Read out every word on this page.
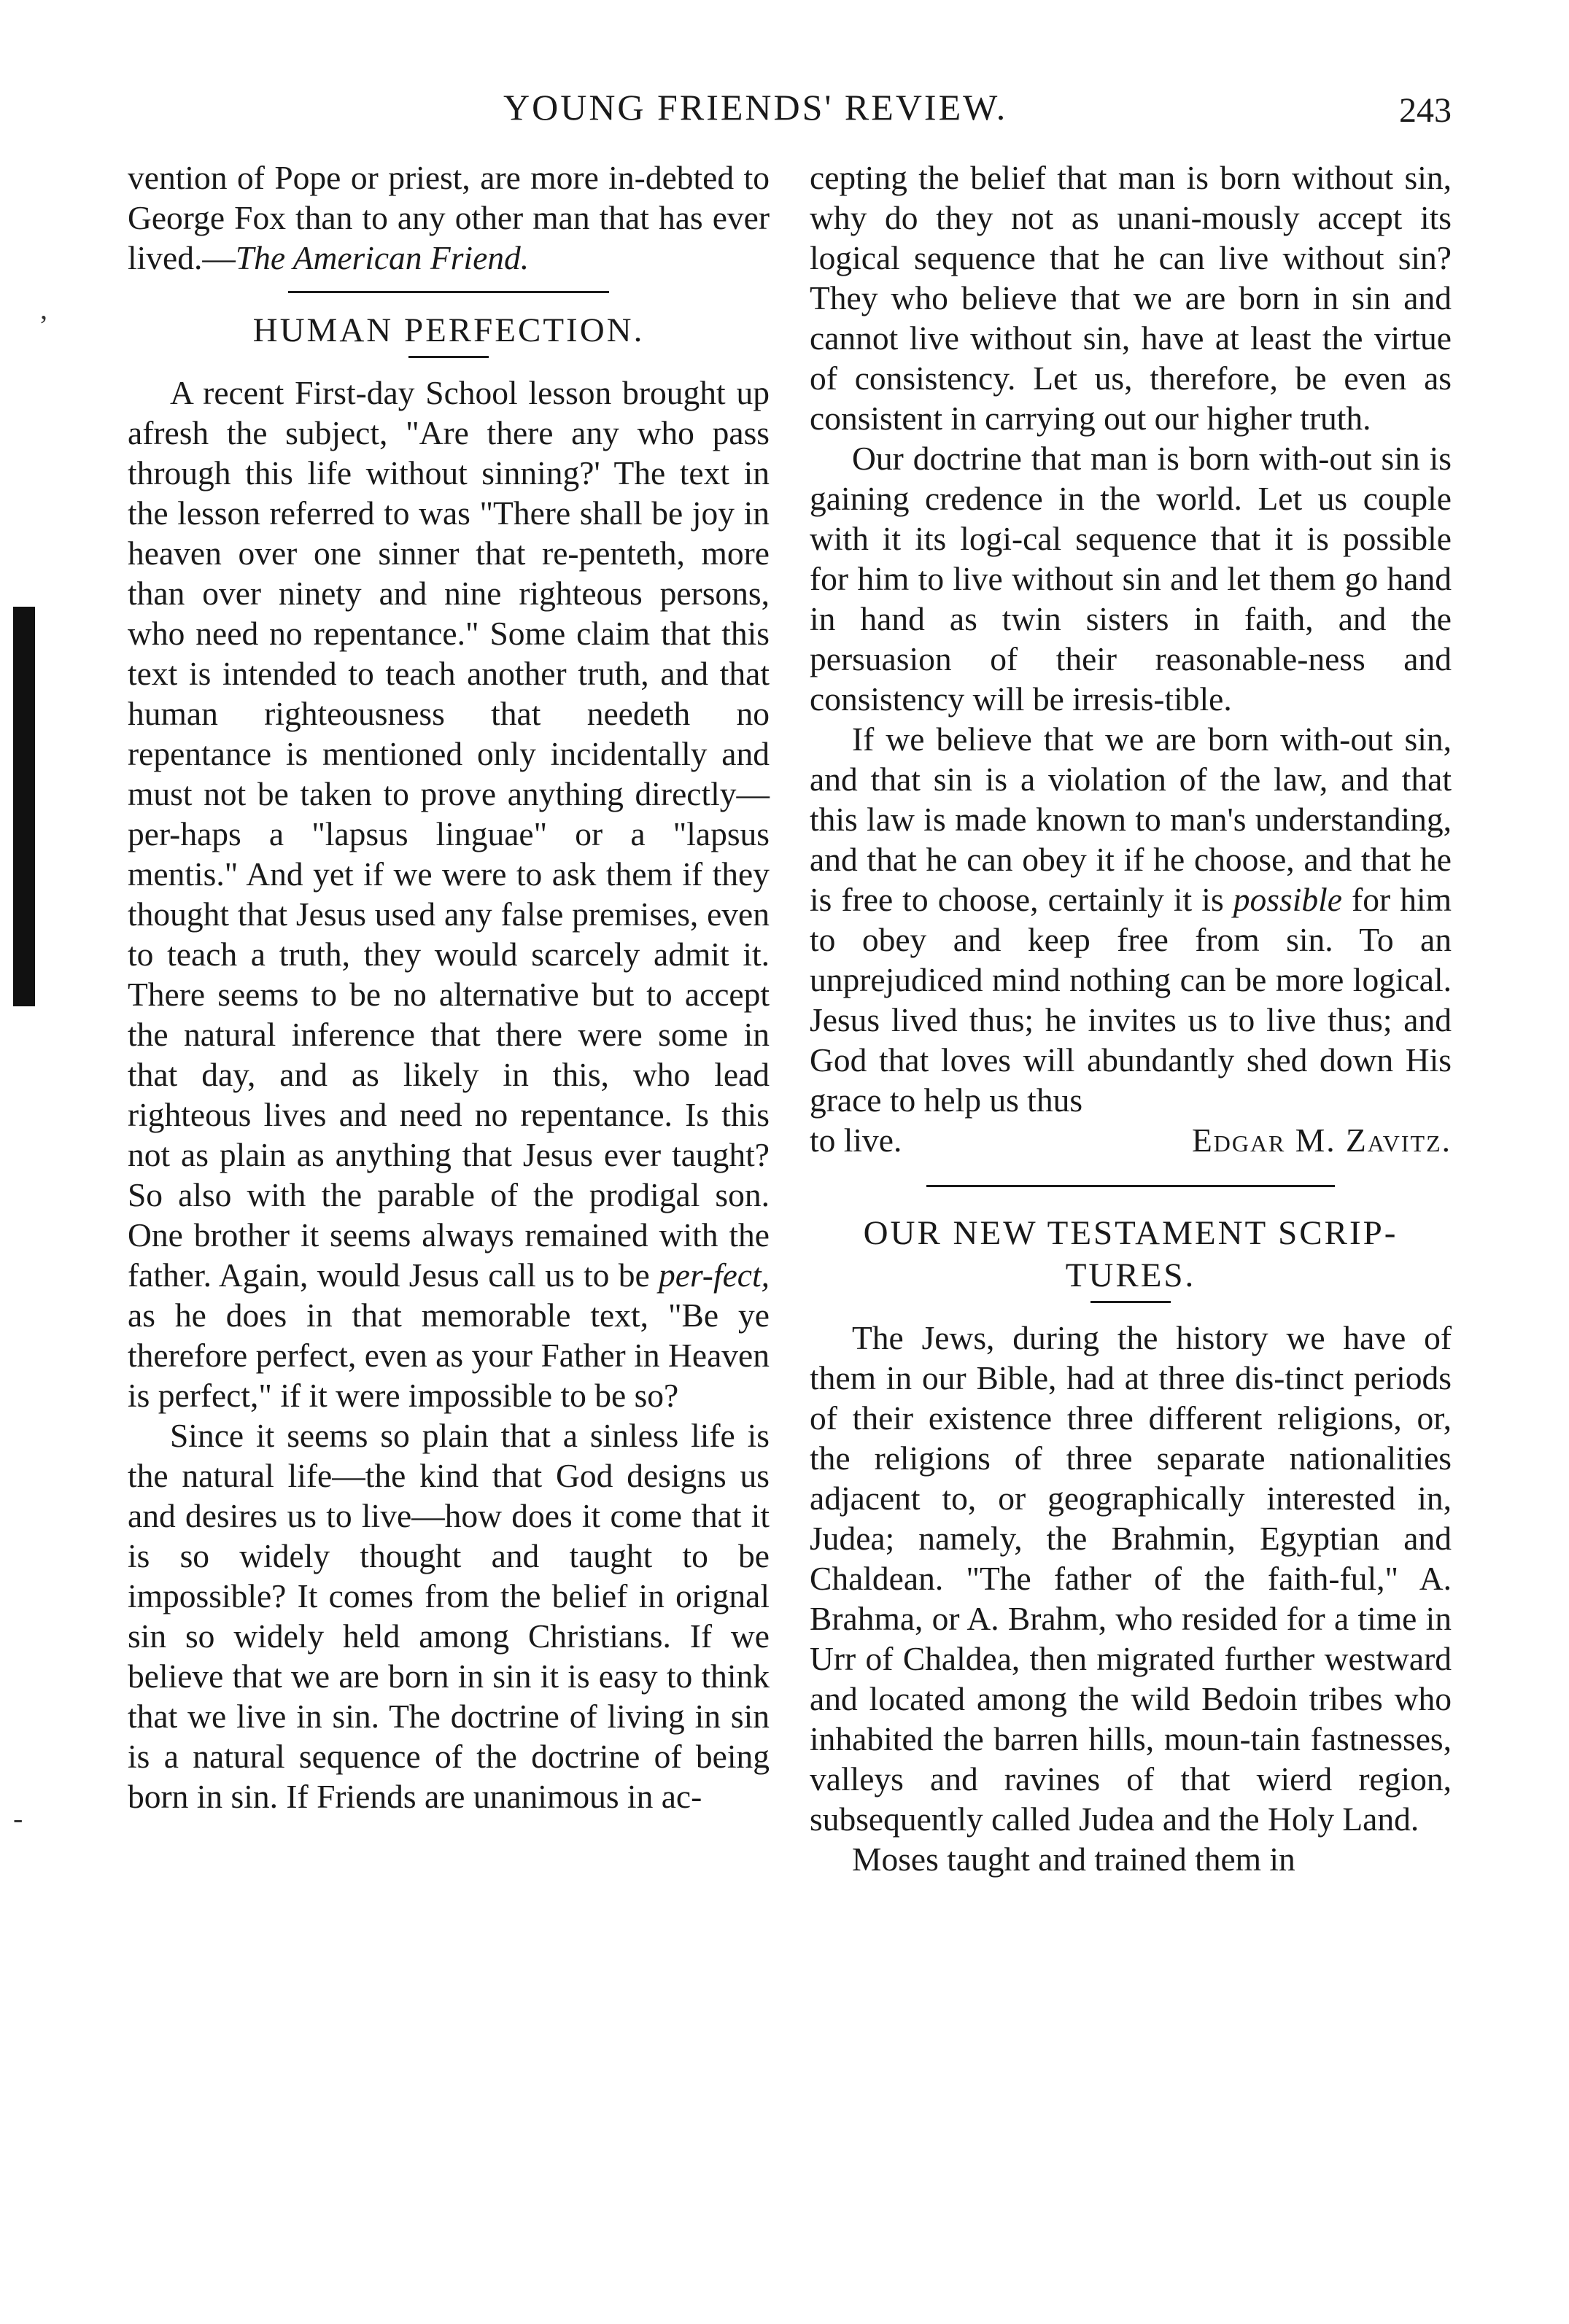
,
-
YOUNG FRIENDS' REVIEW.	243

vention of Pope or priest, are more in-debted to George Fox than to any other man that has ever lived.—The American Friend.

HUMAN PERFECTION.

A recent First-day School lesson brought up afresh the subject, "Are there any who pass through this life without sinning?' The text in the lesson referred to was "There shall be joy in heaven over one sinner that re-penteth, more than over ninety and nine righteous persons, who need no repentance." Some claim that this text is intended to teach another truth, and that human righteousness that needeth no repentance is mentioned only incidentally and must not be taken to prove anything directly—per-haps a "lapsus linguae" or a "lapsus mentis." And yet if we were to ask them if they thought that Jesus used any false premises, even to teach a truth, they would scarcely admit it. There seems to be no alternative but to accept the natural inference that there were some in that day, and as likely in this, who lead righteous lives and need no repentance. Is this not as plain as anything that Jesus ever taught? So also with the parable of the prodigal son. One brother it seems always remained with the father. Again, would Jesus call us to be per-fect, as he does in that memorable text, "Be ye therefore perfect, even as your Father in Heaven is perfect," if it were impossible to be so?

Since it seems so plain that a sinless life is the natural life—the kind that God designs us and desires us to live—how does it come that it is so widely thought and taught to be impossible? It comes from the belief in orignal sin so widely held among Christians. If we believe that we are born in sin it is easy to think that we live in sin. The doctrine of living in sin is a natural sequence of the doctrine of being born in sin. If Friends are unanimous in ac-

cepting the belief that man is born without sin, why do they not as unani-mously accept its logical sequence that he can live without sin? They who believe that we are born in sin and cannot live without sin, have at least the virtue of consistency. Let us, therefore, be even as consistent in carrying out our higher truth.

Our doctrine that man is born with-out sin is gaining credence in the world. Let us couple with it its logi-cal sequence that it is possible for him to live without sin and let them go hand in hand as twin sisters in faith, and the persuasion of their reasonable-ness and consistency will be irresis-tible.

If we believe that we are born with-out sin, and that sin is a violation of the law, and that this law is made known to man's understanding, and that he can obey it if he choose, and that he is free to choose, certainly it is possible for him to obey and keep free from sin. To an unprejudiced mind nothing can be more logical. Jesus lived thus; he invites us to live thus; and God that loves will abundantly shed down His grace to help us thus

to live.	Edgar M. Zavitz.
OUR NEW TESTAMENT SCRIP-
TURES.

The Jews, during the history we have of them in our Bible, had at three dis-tinct periods of their existence three different religions, or, the religions of three separate nationalities adjacent to, or geographically interested in, Judea; namely, the Brahmin, Egyptian and Chaldean. "The father of the faith-ful," A. Brahma, or A. Brahm, who resided for a time in Urr of Chaldea, then migrated further westward and located among the wild Bedoin tribes who inhabited the barren hills, moun-tain fastnesses, valleys and ravines of that wierd region, subsequently called Judea and the Holy Land.

Moses taught and trained them in
